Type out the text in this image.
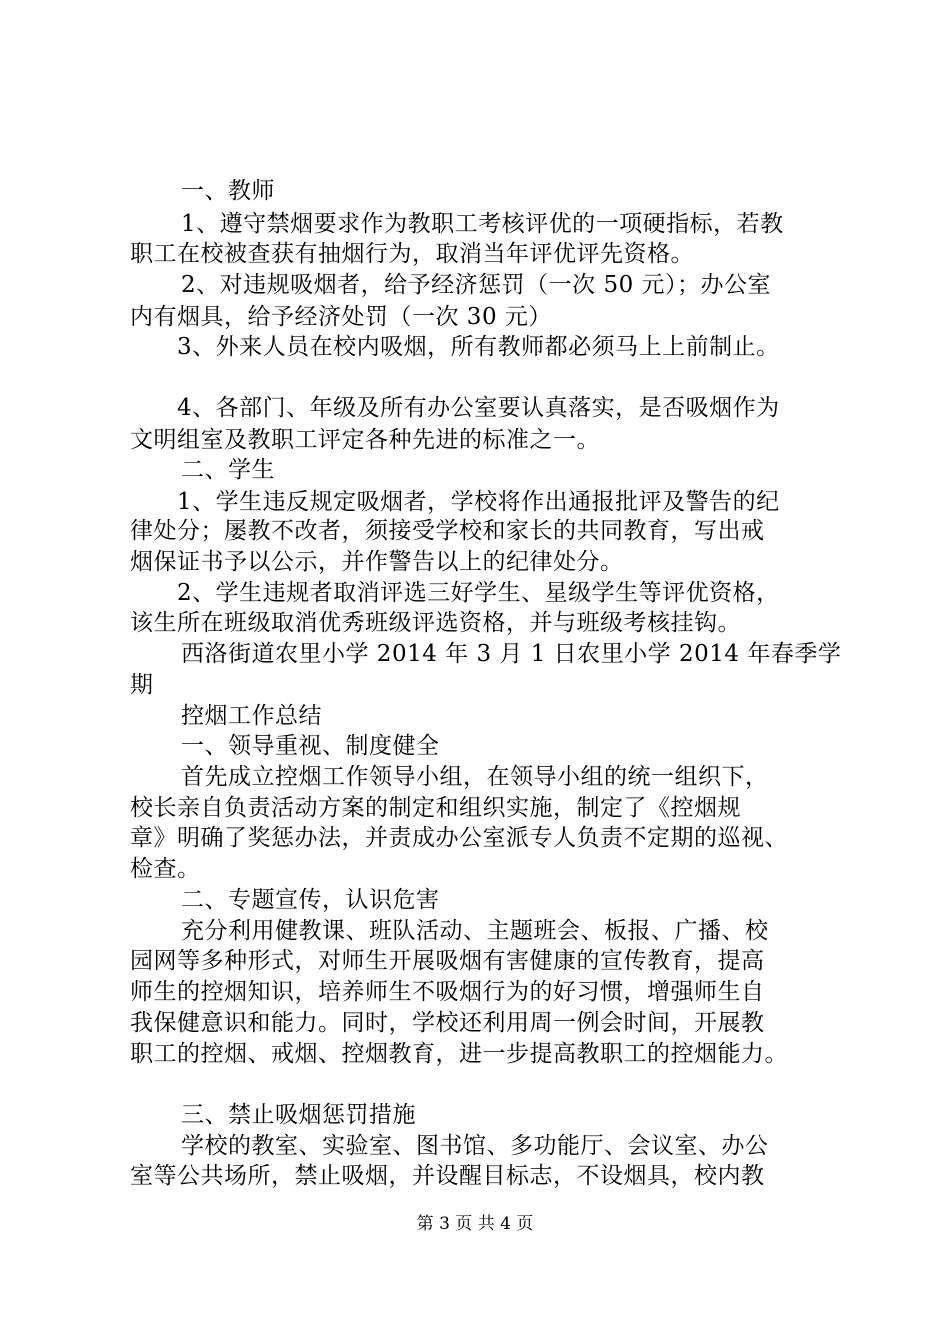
一、教师
1、遵守禁烟要求作为教职工考核评优的一项硬指标，若教
职工在校被查获有抽烟行为，取消当年评优评先资格。
2、对违规吸烟者，给予经济惩罚（一次 50 元）；办公室
内有烟具，给予经济处罚（一次 30 元）
3、外来人员在校内吸烟，所有教师都必须马上上前制止。
4、各部门、年级及所有办公室要认真落实，是否吸烟作为
文明组室及教职工评定各种先进的标准之一。
二、学生
1、学生违反规定吸烟者，学校将作出通报批评及警告的纪
律处分；屡教不改者，须接受学校和家长的共同教育，写出戒
烟保证书予以公示，并作警告以上的纪律处分。
2、学生违规者取消评选三好学生、星级学生等评优资格，
该生所在班级取消优秀班级评选资格，并与班级考核挂钩。
西洛街道农里小学 2014 年 3 月 1 日农里小学 2014 年春季学
期
控烟工作总结
一、领导重视、制度健全
首先成立控烟工作领导小组，在领导小组的统一组织下，
校长亲自负责活动方案的制定和组织实施，制定了《控烟规
章》明确了奖惩办法，并责成办公室派专人负责不定期的巡视、
检查。
二、专题宣传，认识危害
充分利用健教课、班队活动、主题班会、板报、广播、校
园网等多种形式，对师生开展吸烟有害健康的宣传教育，提高
师生的控烟知识，培养师生不吸烟行为的好习惯，增强师生自
我保健意识和能力。同时，学校还利用周一例会时间，开展教
职工的控烟、戒烟、控烟教育，进一步提高教职工的控烟能力。
三、禁止吸烟惩罚措施
学校的教室、实验室、图书馆、多功能厅、会议室、办公
室等公共场所，禁止吸烟，并设醒目标志，不设烟具，校内教
第 3 页 共 4 页
